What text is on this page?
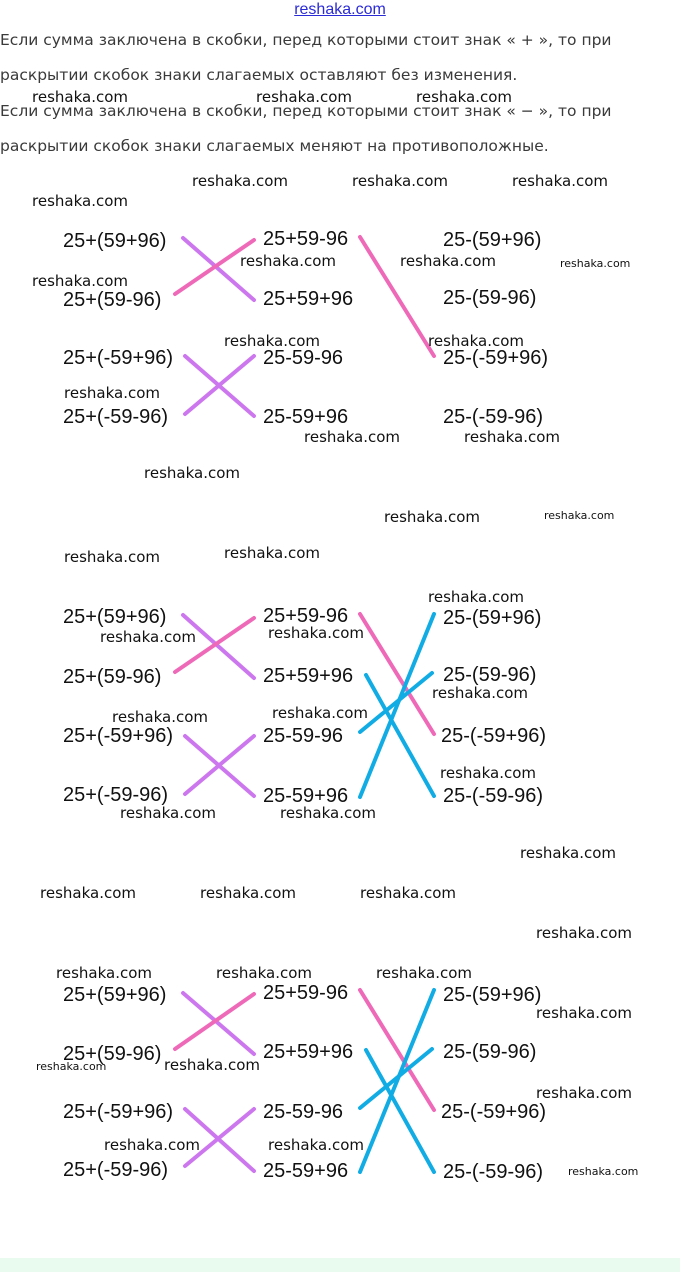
reshaka.com
Если сумма заключена в скобки, перед которыми стоит знак « + », то при раскрытии скобок знаки слагаемых оставляют без изменения.
Если сумма заключена в скобки, перед которыми стоит знак « − », то при раскрытии скобок знаки слагаемых меняют на противоположные.
25+(59+96)
25+(59-96)
25+(-59+96)
25+(-59-96)
25+59-96
25+59+96
25-59-96
25-59+96
25-(59+96)
25-(59-96)
25-(-59+96)
25-(-59-96)
25+(59+96)
25+(59-96)
25+(-59+96)
25+(-59-96)
25+59-96
25+59+96
25-59-96
25-59+96
25-(59+96)
25-(59-96)
25-(-59+96)
25-(-59-96)
25+(59+96)
25+(59-96)
25+(-59+96)
25+(-59-96)
25+59-96
25+59+96
25-59-96
25-59+96
25-(59+96)
25-(59-96)
25-(-59+96)
25-(-59-96)
reshaka.com	reshaka.com	reshaka.com
reshaka.com	reshaka.com	reshaka.com
reshaka.com
reshaka.com	reshaka.com	reshaka.com
reshaka.com
reshaka.com	reshaka.com
reshaka.com
reshaka.com	reshaka.com
reshaka.com
reshaka.com	reshaka.com
reshaka.com	reshaka.com
reshaka.com
reshaka.com	reshaka.com
reshaka.com
reshaka.com	reshaka.com
reshaka.com
reshaka.com	reshaka.com
reshaka.com
reshaka.com	reshaka.com	reshaka.com
reshaka.com
reshaka.com	reshaka.com	reshaka.com
reshaka.com
reshaka.com	reshaka.com
reshaka.com
reshaka.com	reshaka.com
reshaka.com
